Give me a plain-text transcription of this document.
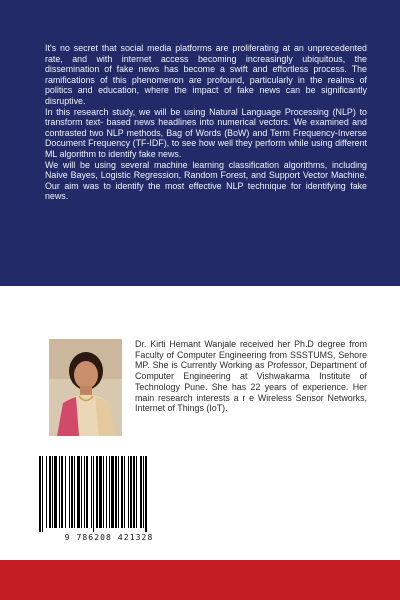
It's no secret that social media platforms are proliferating at an unprecedented rate, and with internet access becoming increasingly ubiquitous, the dissemination of fake news has become a swift and effortless process. The ramifications of this phenomenon are profound, particularly in the realms of politics and education, where the impact of fake news can be significantly disruptive.

In this research study, we will be using Natural Language Processing (NLP) to transform text- based news headlines into numerical vectors. We examined and contrasted two NLP methods, Bag of Words (BoW) and Term Frequency-Inverse Document Frequency (TF-IDF), to see how well they perform while using different ML algorithm to identify fake news.

We will be using several machine learning classification algorithms, including Naive Bayes, Logistic Regression, Random Forest, and Support Vector Machine. Our aim was to identify the most effective NLP technique for identifying fake news.

Dr. Kirti Hemant Wanjale received her Ph.D degree from Faculty of Computer Engineering from SSSTUMS, Sehore MP. She is Currently Working as Professor, Department of Computer Engineering at Vishwakarma Institute of Technology Pune. She has 22 years of experience. Her main research interests a r e Wireless Sensor Networks, Internet of Things (IoT).
9 786208 421328
